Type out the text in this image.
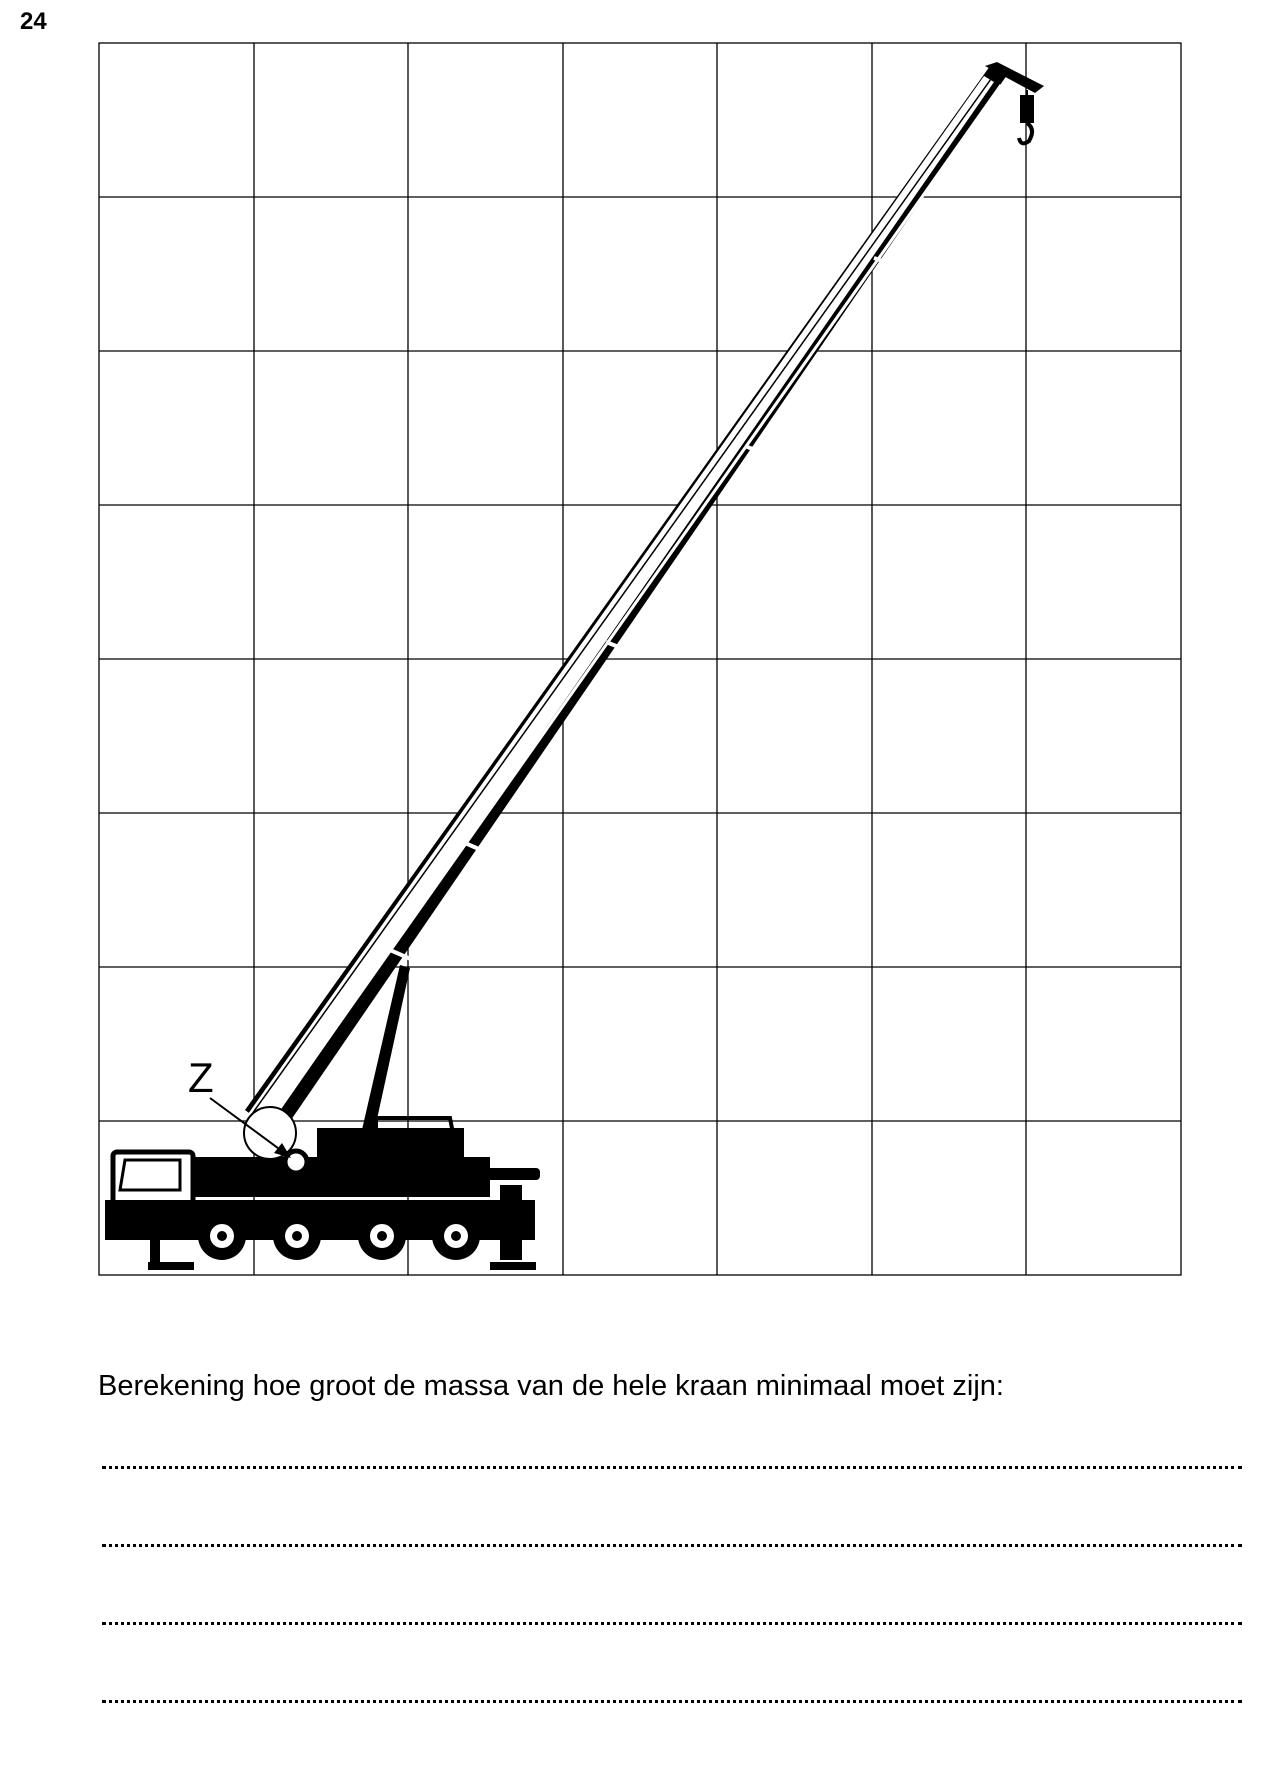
24
Z
Berekening hoe groot de massa van de hele kraan minimaal moet zijn:
